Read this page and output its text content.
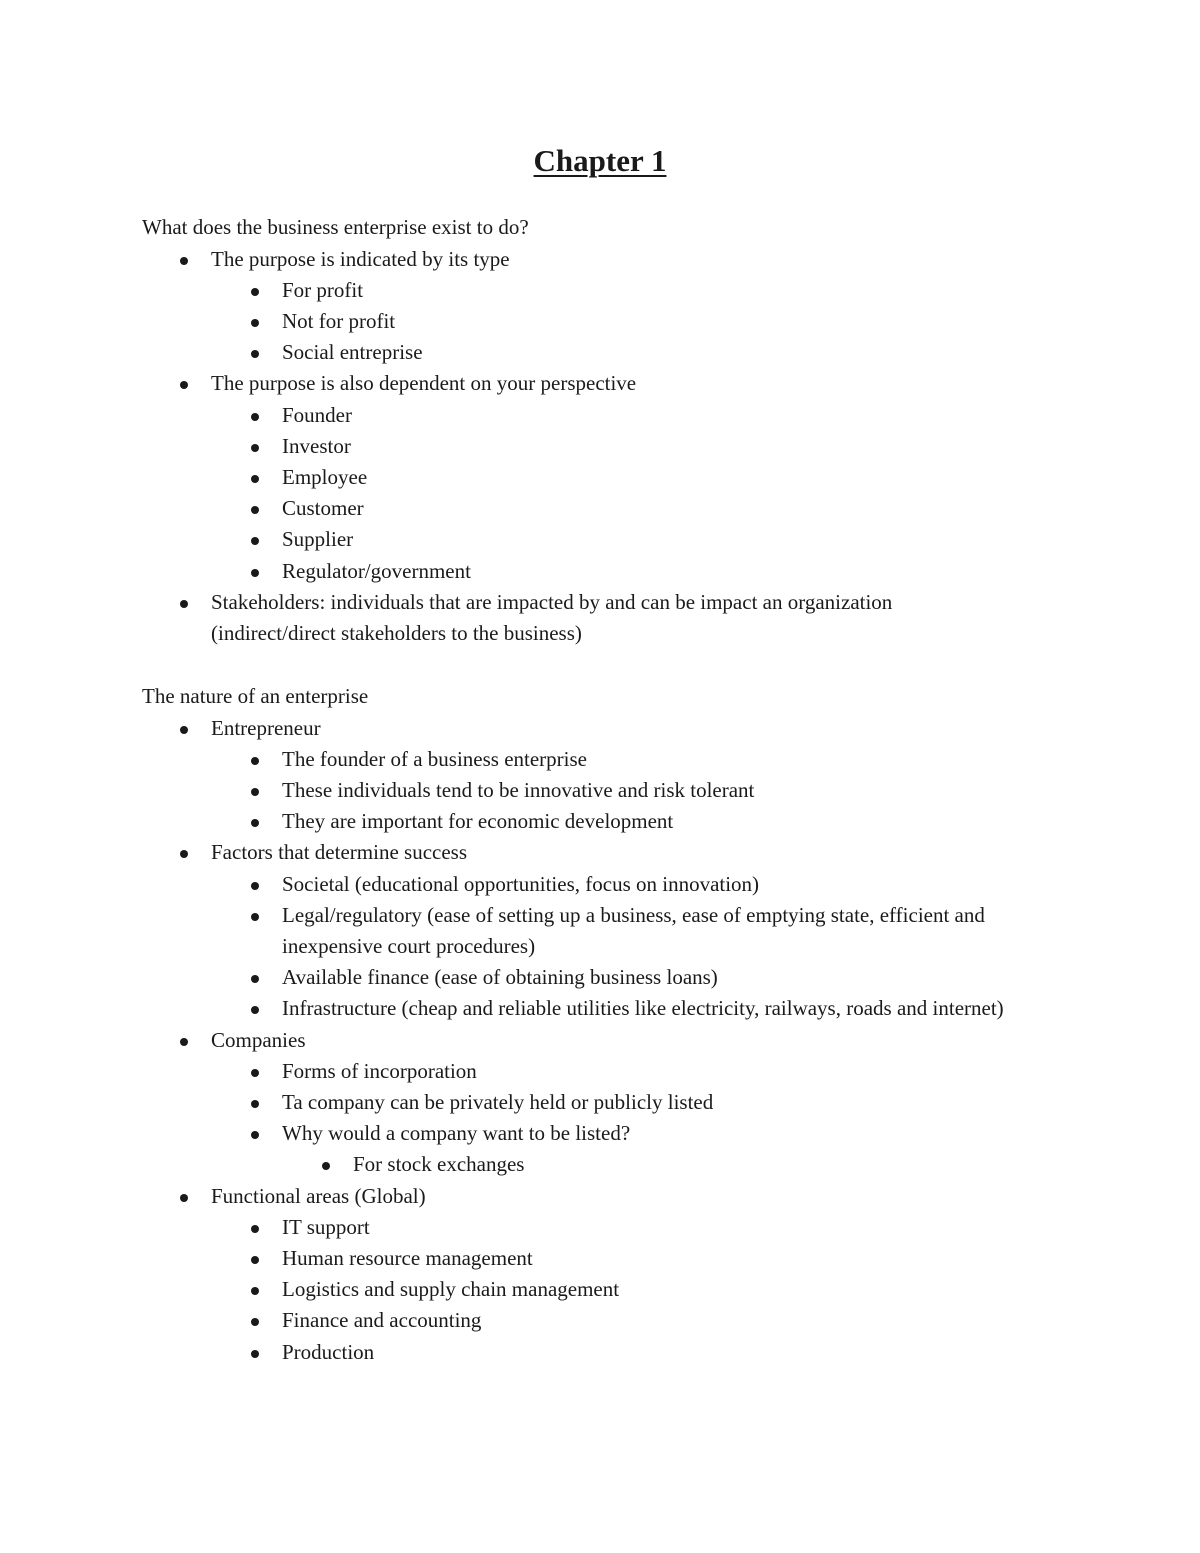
Chapter 1
What does the business enterprise exist to do?
The purpose is indicated by its type
For profit
Not for profit
Social entreprise
The purpose is also dependent on your perspective
Founder
Investor
Employee
Customer
Supplier
Regulator/government
Stakeholders: individuals that are impacted by and can be impact an organization (indirect/direct stakeholders to the business)
The nature of an enterprise
Entrepreneur
The founder of a business enterprise
These individuals tend to be innovative and risk tolerant
They are important for economic development
Factors that determine success
Societal (educational opportunities, focus on innovation)
Legal/regulatory (ease of setting up a business, ease of emptying state, efficient and inexpensive court procedures)
Available finance (ease of obtaining business loans)
Infrastructure (cheap and reliable utilities like electricity, railways, roads and internet)
Companies
Forms of incorporation
Ta company can be privately held or publicly listed
Why would a company want to be listed?
For stock exchanges
Functional areas (Global)
IT support
Human resource management
Logistics and supply chain management
Finance and accounting
Production
